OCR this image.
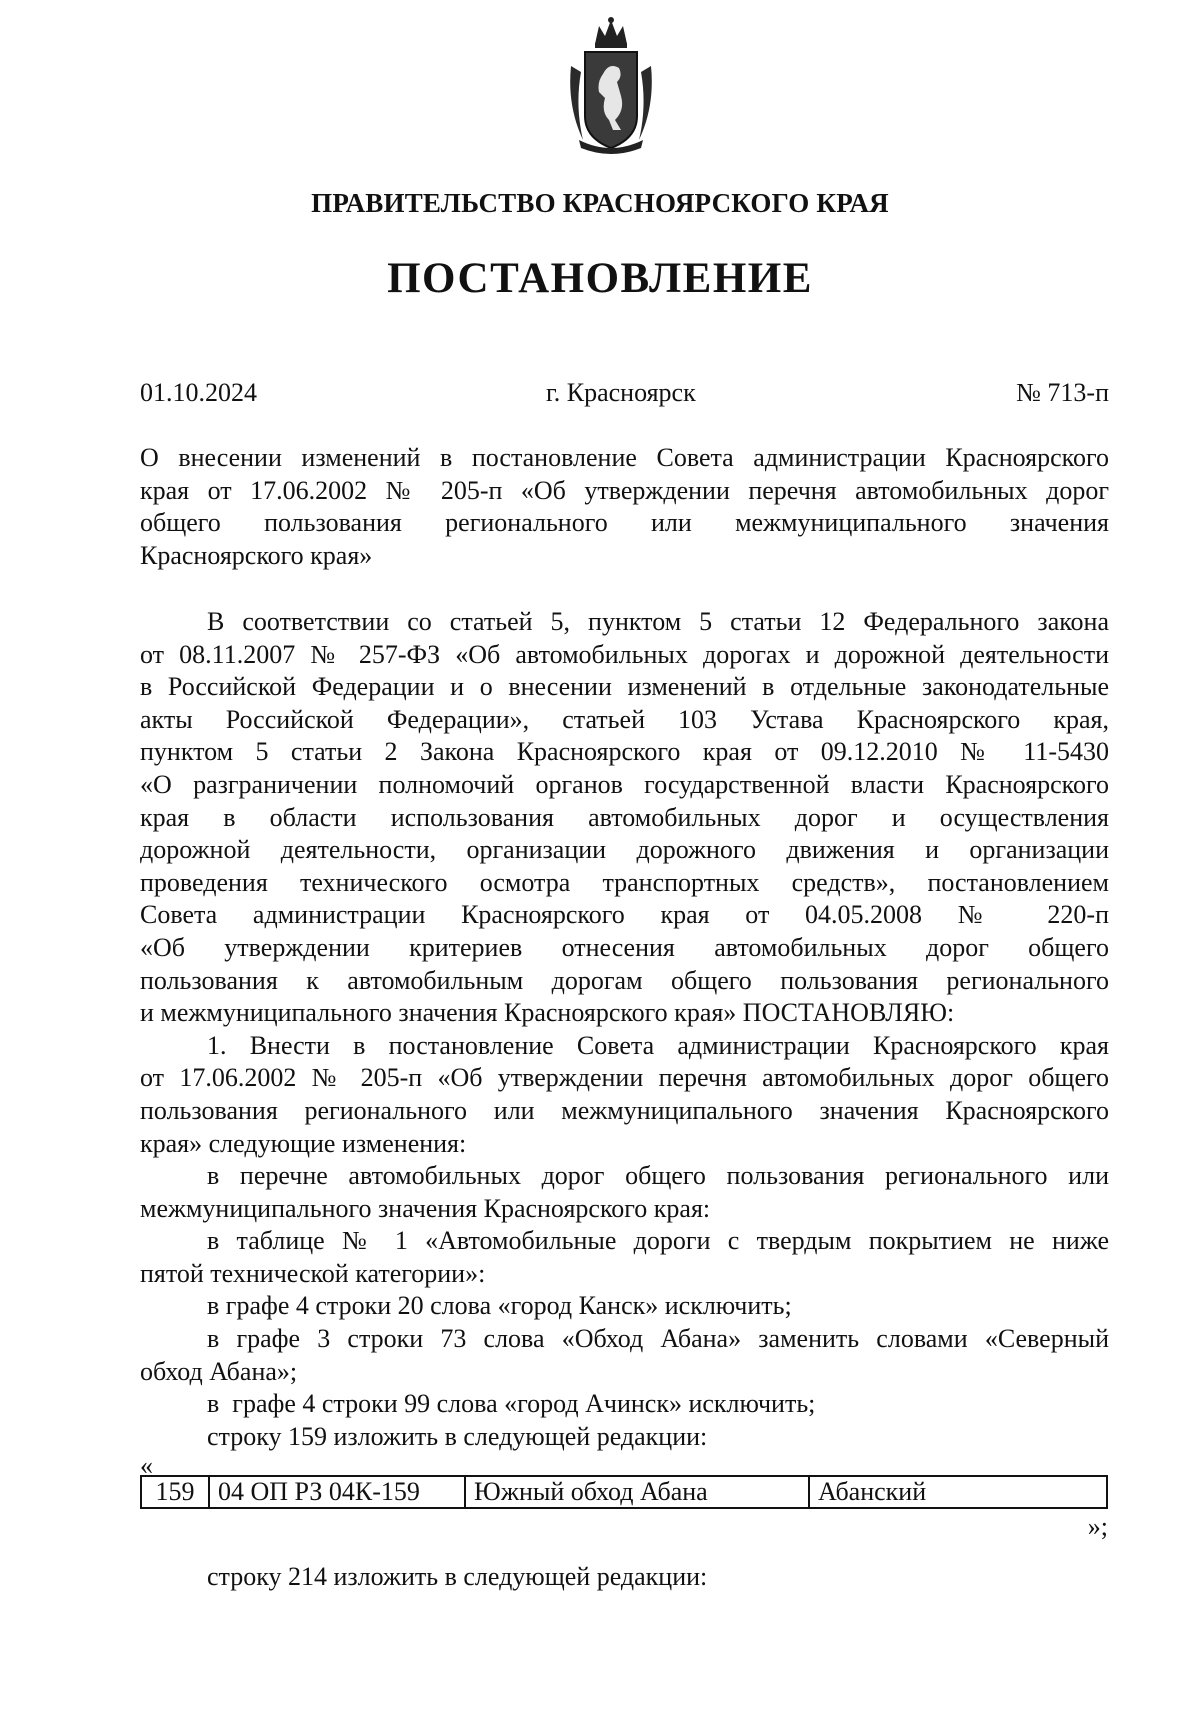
ПРАВИТЕЛЬСТВО КРАСНОЯРСКОГО КРАЯ
ПОСТАНОВЛЕНИЕ
01.10.2024	г. Красноярск	№ 713-п

О внесении изменений в постановление Совета администрации Красноярского

края от 17.06.2002 № 205-п «Об утверждении перечня автомобильных дорог

общего пользования регионального или межмуниципального значения

Красноярского края»

В соответствии со статьей 5, пунктом 5 статьи 12 Федерального закона

от 08.11.2007 № 257-ФЗ «Об автомобильных дорогах и дорожной деятельности

в Российской Федерации и о внесении изменений в отдельные законодательные

акты Российской Федерации», статьей 103 Устава Красноярского края,

пунктом 5 статьи 2 Закона Красноярского края от 09.12.2010 № 11-5430

«О разграничении полномочий органов государственной власти Красноярского

края в области использования автомобильных дорог и осуществления

дорожной деятельности, организации дорожного движения и организации

проведения технического осмотра транспортных средств», постановлением

Совета администрации Красноярского края от 04.05.2008 № 220-п

«Об утверждении критериев отнесения автомобильных дорог общего

пользования к автомобильным дорогам общего пользования регионального

и межмуниципального значения Красноярского края» ПОСТАНОВЛЯЮ:

1. Внести в постановление Совета администрации Красноярского края

от 17.06.2002 № 205-п «Об утверждении перечня автомобильных дорог общего

пользования регионального или межмуниципального значения Красноярского

края» следующие изменения:

в перечне автомобильных дорог общего пользования регионального или

межмуниципального значения Красноярского края:

в таблице № 1 «Автомобильные дороги с твердым покрытием не ниже

пятой технической категории»:

в графе 4 строки 20 слова «город Канск» исключить;

в графе 3 строки 73 слова «Обход Абана» заменить словами «Северный

обход Абана»;

в  графе 4 строки 99 слова «город Ачинск» исключить;

строку 159 изложить в следующей редакции:

«
159	04 ОП РЗ 04К-159	Южный обход Абана	Абанский
»;
строку 214 изложить в следующей редакции:
